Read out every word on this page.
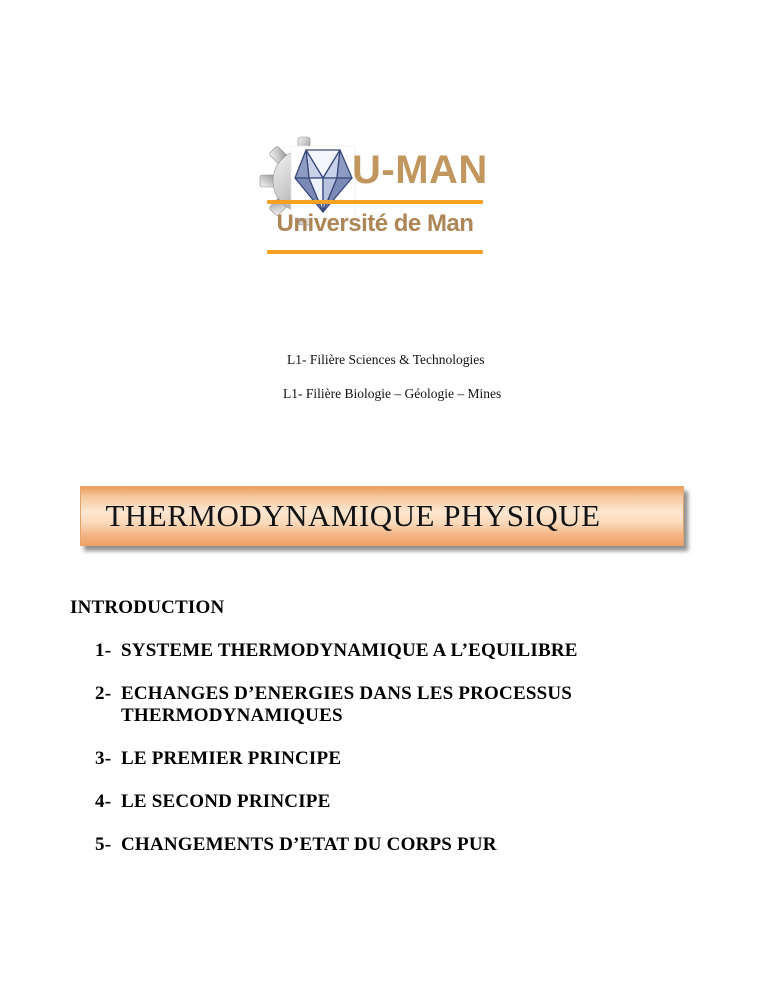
U-MAN
Université de Man
L1- Filière Sciences & Technologies
L1- Filière Biologie – Géologie – Mines
THERMODYNAMIQUE PHYSIQUE
INTRODUCTION
1- SYSTEME THERMODYNAMIQUE A L’EQUILIBRE
2- ECHANGES D’ENERGIES DANS LES PROCESSUS THERMODYNAMIQUES
3- LE PREMIER PRINCIPE
4- LE SECOND PRINCIPE
5- CHANGEMENTS D’ETAT DU CORPS PUR
